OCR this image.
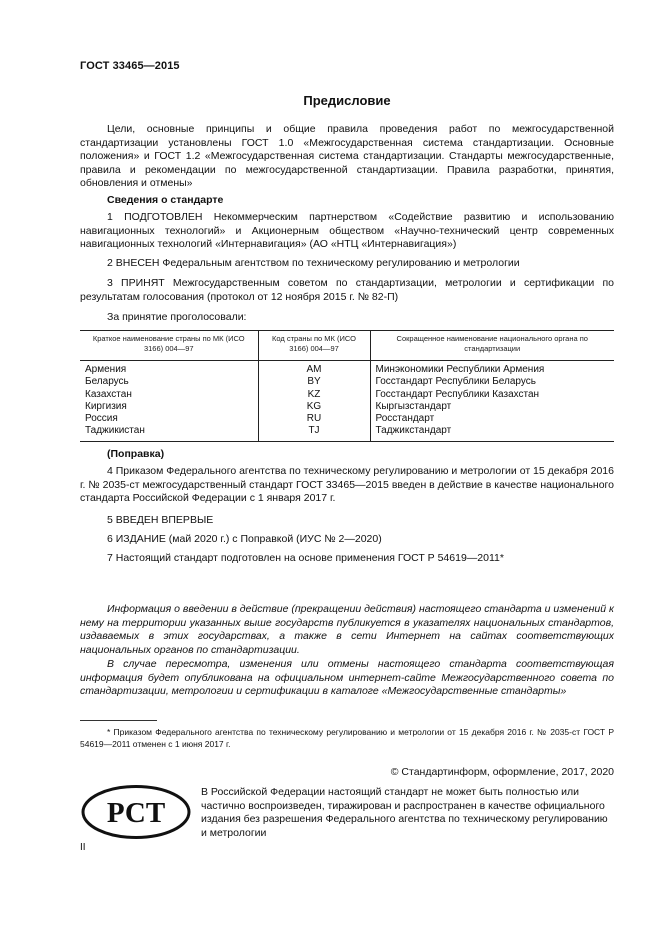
ГОСТ 33465—2015
Предисловие
Цели, основные принципы и общие правила проведения работ по межгосударственной стандартизации установлены ГОСТ 1.0 «Межгосударственная система стандартизации. Основные положения» и ГОСТ 1.2 «Межгосударственная система стандартизации. Стандарты межгосударственные, правила и рекомендации по межгосударственной стандартизации. Правила разработки, принятия, обновления и отмены»
Сведения о стандарте
1 ПОДГОТОВЛЕН Некоммерческим партнерством «Содействие развитию и использованию навигационных технологий» и Акционерным обществом «Научно-технический центр современных навигационных технологий «Интернавигация» (АО «НТЦ «Интернавигация»)
2 ВНЕСЕН Федеральным агентством по техническому регулированию и метрологии
3 ПРИНЯТ Межгосударственным советом по стандартизации, метрологии и сертификации по результатам голосования (протокол от 12 ноября 2015 г. № 82-П)
За принятие проголосовали:
Краткое наименование страны по МК (ИСО 3166) 004—97	Код страны по МК (ИСО 3166) 004—97	Сокращенное наименование национального органа по стандартизации
Армения	AM	Минэкономики Республики Армения
Беларусь	BY	Госстандарт Республики Беларусь
Казахстан	KZ	Госстандарт Республики Казахстан
Киргизия	KG	Кыргызстандарт
Россия	RU	Росстандарт
Таджикистан	TJ	Таджикстандарт
(Поправка)
4 Приказом Федерального агентства по техническому регулированию и метрологии от 15 декабря 2016 г. № 2035-ст межгосударственный стандарт ГОСТ 33465—2015 введен в действие в качестве национального стандарта Российской Федерации с 1 января 2017 г.
5 ВВЕДЕН ВПЕРВЫЕ
6 ИЗДАНИЕ (май 2020 г.) с Поправкой (ИУС № 2—2020)
7 Настоящий стандарт подготовлен на основе применения ГОСТ Р 54619—2011*
Информация о введении в действие (прекращении действия) настоящего стандарта и изменений к нему на территории указанных выше государств публикуется в указателях национальных стандартов, издаваемых в этих государствах, а также в сети Интернет на сайтах соответствующих национальных органов по стандартизации.
В случае пересмотра, изменения или отмены настоящего стандарта соответствующая информация будет опубликована на официальном интернет-сайте Межгосударственного совета по стандартизации, метрологии и сертификации в каталоге «Межгосударственные стандарты»
* Приказом Федерального агентства по техническому регулированию и метрологии от 15 декабря 2016 г. № 2035-ст ГОСТ Р 54619—2011 отменен с 1 июня 2017 г.
© Стандартинформ, оформление, 2017, 2020
РСТ
В Российской Федерации настоящий стандарт не может быть полностью или частично воспроизведен, тиражирован и распространен в качестве официального издания без разрешения Федерального агентства по техническому регулированию и метрологии
II
